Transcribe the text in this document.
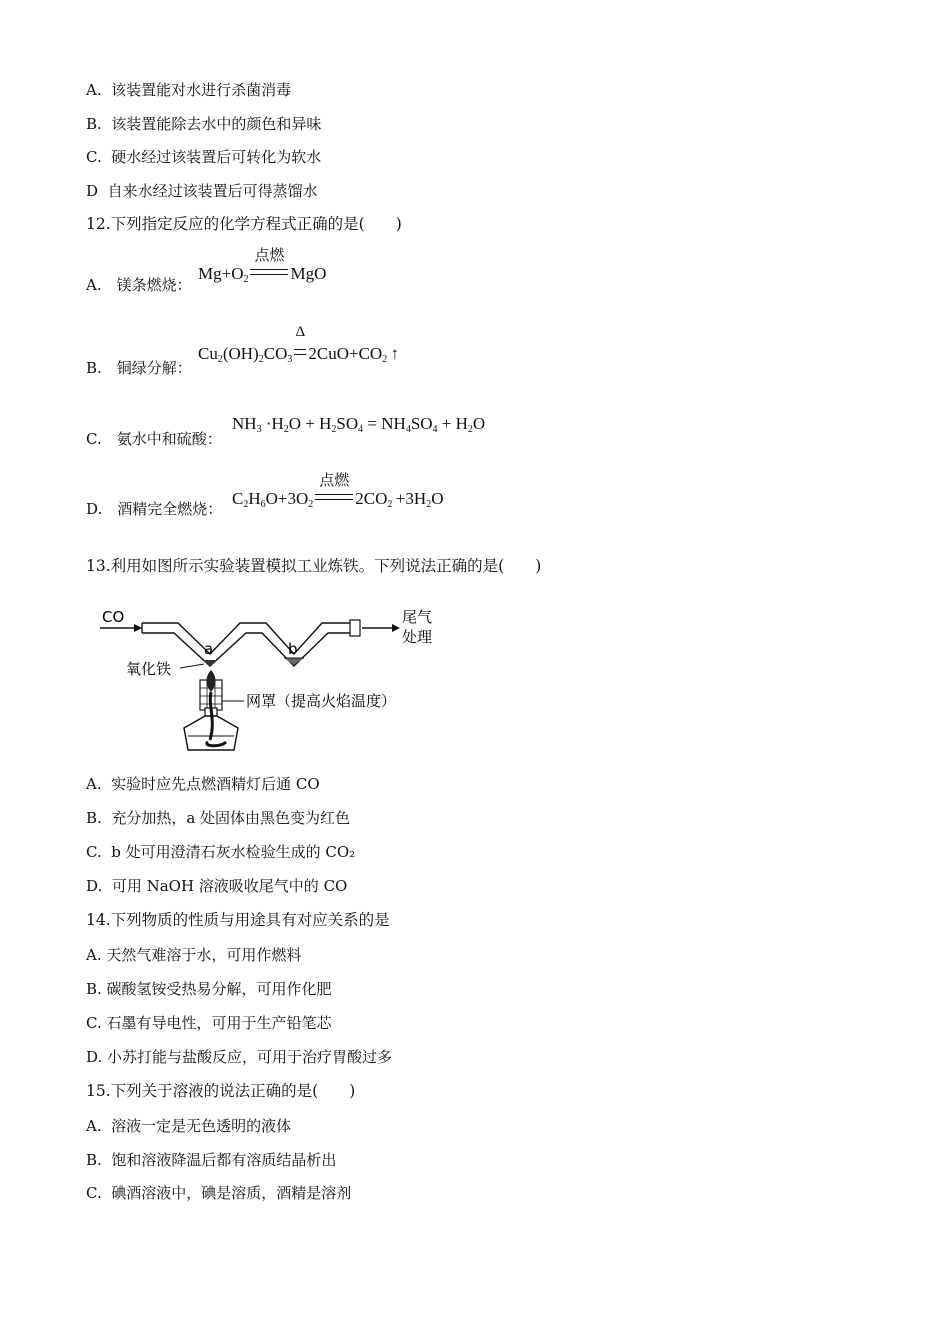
A. 该装置能对水进行杀菌消毒
B. 该装置能除去水中的颜色和异味
C. 硬水经过该装置后可转化为软水
D 自来水经过该装置后可得蒸馏水
12.下列指定反应的化学方程式正确的是(　　)
A.　镁条燃烧：
$Mg+O_2$
点燃
MgO
B.　铜绿分解：
$Cu_2(OH)_2CO_3$
Δ
$2CuO+CO_2$ ↑
C.　氨水中和硫酸：
$NH_3 \cdot H_2O + H_2SO_4 = NH_4SO_4 + H_2O$
D.　酒精完全燃烧：
$C_2H_6O+3O_2$
点燃
$2CO_2 +3H_2O$
13.利用如图所示实验装置模拟工业炼铁。下列说法正确的是(　　)
CO	尾气
处理
a	b
氧化铁
网罩（提高火焰温度）
A. 实验时应先点燃酒精灯后通 CO
B. 充分加热，a 处固体由黑色变为红色
C. b 处可用澄清石灰水检验生成的 CO₂
D. 可用 NaOH 溶液吸收尾气中的 CO
14.下列物质的性质与用途具有对应关系的是
A. 天然气难溶于水，可用作燃料
B. 碳酸氢铵受热易分解，可用作化肥
C. 石墨有导电性，可用于生产铅笔芯
D. 小苏打能与盐酸反应，可用于治疗胃酸过多
15.下列关于溶液的说法正确的是(　　)
A. 溶液一定是无色透明的液体
B. 饱和溶液降温后都有溶质结晶析出
C. 碘酒溶液中，碘是溶质，酒精是溶剂
